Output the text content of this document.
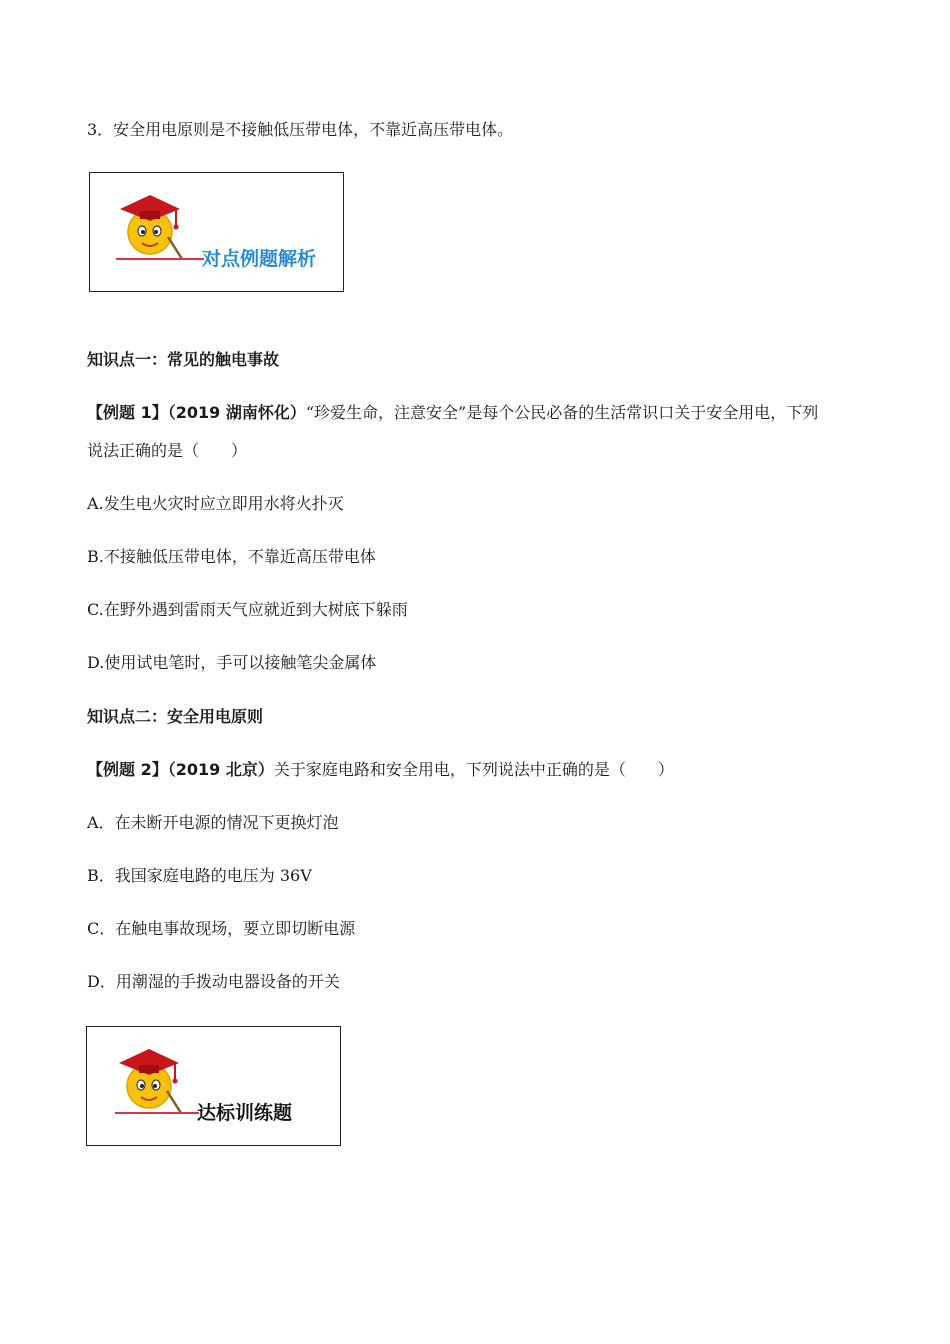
3．安全用电原则是不接触低压带电体，不靠近高压带电体。
对点例题解析
知识点一：常见的触电事故
【例题 1】（2019 湖南怀化）“珍爱生命，注意安全”是每个公民必备的生活常识口关于安全用电，下列
说法正确的是（　　）
A.发生电火灾时应立即用水将火扑灭
B.不接触低压带电体，不靠近高压带电体
C.在野外遇到雷雨天气应就近到大树底下躲雨
D.使用试电笔时，手可以接触笔尖金属体
知识点二：安全用电原则
【例题 2】（2019 北京）关于家庭电路和安全用电，下列说法中正确的是（　　）
A．在未断开电源的情况下更换灯泡
B．我国家庭电路的电压为 36V
C．在触电事故现场，要立即切断电源
D．用潮湿的手拨动电器设备的开关
达标训练题
